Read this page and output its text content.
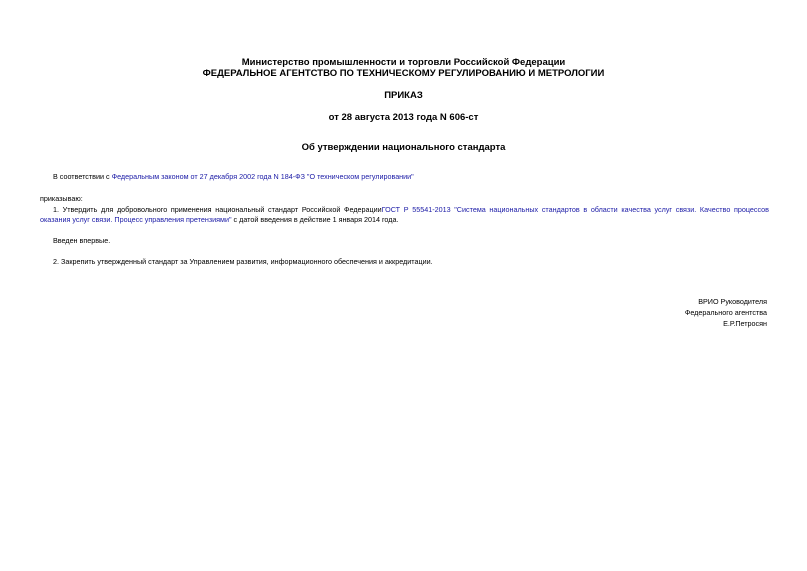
Министерство промышленности и торговли Российской Федерации
ФЕДЕРАЛЬНОЕ АГЕНТСТВО ПО ТЕХНИЧЕСКОМУ РЕГУЛИРОВАНИЮ И МЕТРОЛОГИИ
ПРИКАЗ
от 28 августа 2013 года N 606-ст
Об утверждении национального стандарта
В соответствии с Федеральным законом от 27 декабря 2002 года N 184-ФЗ "О техническом регулировании"
приказываю:
1. Утвердить для добровольного применения национальный стандарт Российской ФедерацииГОСТ Р 55541-2013 "Система национальных стандартов в области качества услуг связи. Качество процессов
оказания услуг связи. Процесс управления претензиями" с датой введения в действие 1 января 2014 года.
Введен впервые.
2. Закрепить утвержденный стандарт за Управлением развития, информационного обеспечения и аккредитации.
ВРИО Руководителя
Федерального агентства
Е.Р.Петросян
